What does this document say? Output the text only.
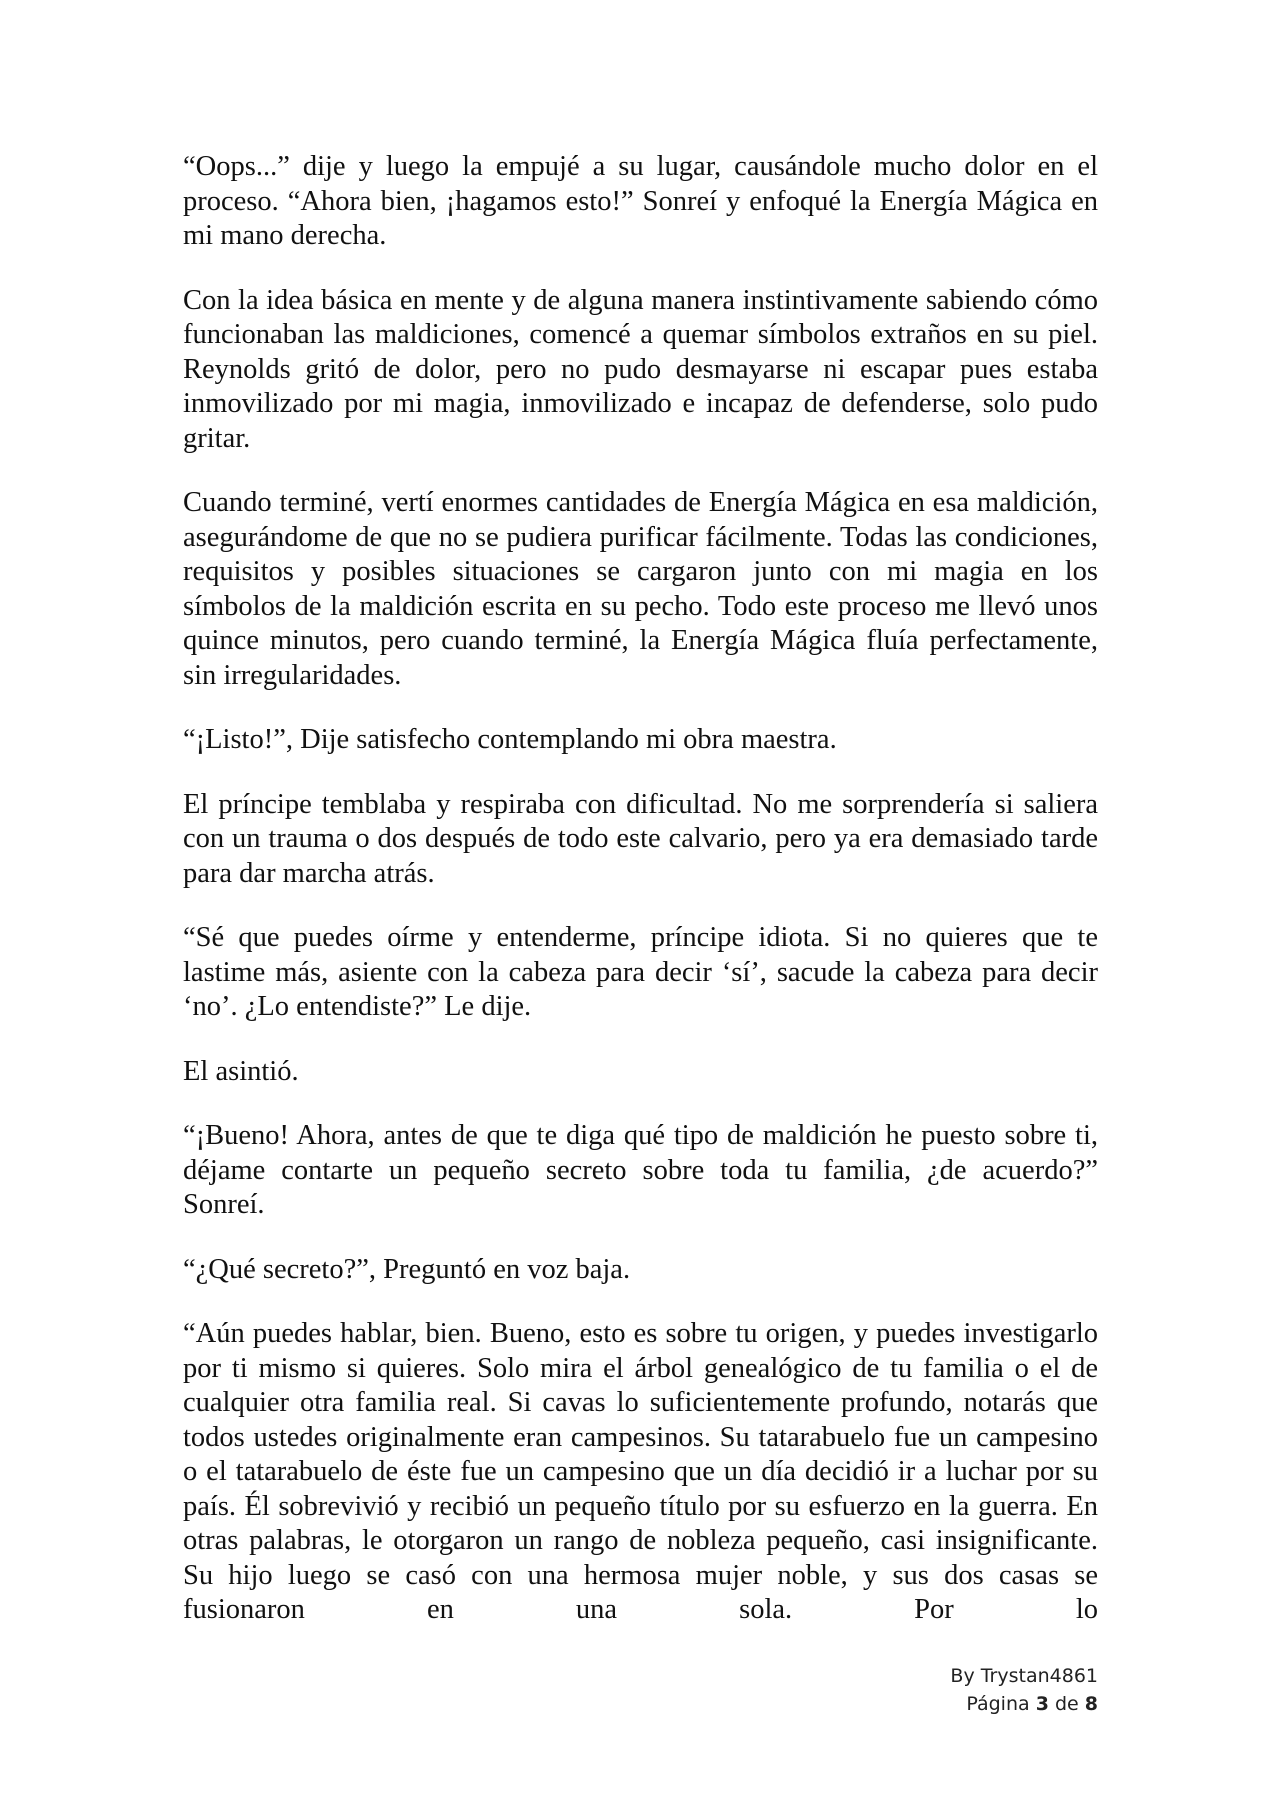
“Oops...” dije y luego la empujé a su lugar, causándole mucho dolor en el proceso. “Ahora bien, ¡hagamos esto!” Sonreí y enfoqué la Energía Mágica en mi mano derecha.

Con la idea básica en mente y de alguna manera instintivamente sabiendo cómo funcionaban las maldiciones, comencé a quemar símbolos extraños en su piel. Reynolds gritó de dolor, pero no pudo desmayarse ni escapar pues estaba inmovilizado por mi magia, inmovilizado e incapaz de defenderse, solo pudo gritar.

Cuando terminé, vertí enormes cantidades de Energía Mágica en esa maldición, asegurándome de que no se pudiera purificar fácilmente. Todas las condiciones, requisitos y posibles situaciones se cargaron junto con mi magia en los símbolos de la maldición escrita en su pecho. Todo este proceso me llevó unos quince minutos, pero cuando terminé, la Energía Mágica fluía perfectamente, sin irregularidades.

“¡Listo!”, Dije satisfecho contemplando mi obra maestra.

El príncipe temblaba y respiraba con dificultad. No me sorprendería si saliera con un trauma o dos después de todo este calvario, pero ya era demasiado tarde para dar marcha atrás.

“Sé que puedes oírme y entenderme, príncipe idiota. Si no quieres que te lastime más, asiente con la cabeza para decir ‘sí’, sacude la cabeza para decir ‘no’. ¿Lo entendiste?” Le dije.

El asintió.

“¡Bueno! Ahora, antes de que te diga qué tipo de maldición he puesto sobre ti, déjame contarte un pequeño secreto sobre toda tu familia, ¿de acuerdo?” Sonreí.

“¿Qué secreto?”, Preguntó en voz baja.

“Aún puedes hablar, bien. Bueno, esto es sobre tu origen, y puedes investigarlo por ti mismo si quieres. Solo mira el árbol genealógico de tu familia o el de cualquier otra familia real. Si cavas lo suficientemente profundo, notarás que todos ustedes originalmente eran campesinos. Su tatarabuelo fue un campesino o el tatarabuelo de éste fue un campesino que un día decidió ir a luchar por su país. Él sobrevivió y recibió un pequeño título por su esfuerzo en la guerra. En otras palabras, le otorgaron un rango de nobleza pequeño, casi insignificante. Su hijo luego se casó con una hermosa mujer noble, y sus dos casas se fusionaron en una sola. Por lo

By Trystan4861
Página 3 de 8
